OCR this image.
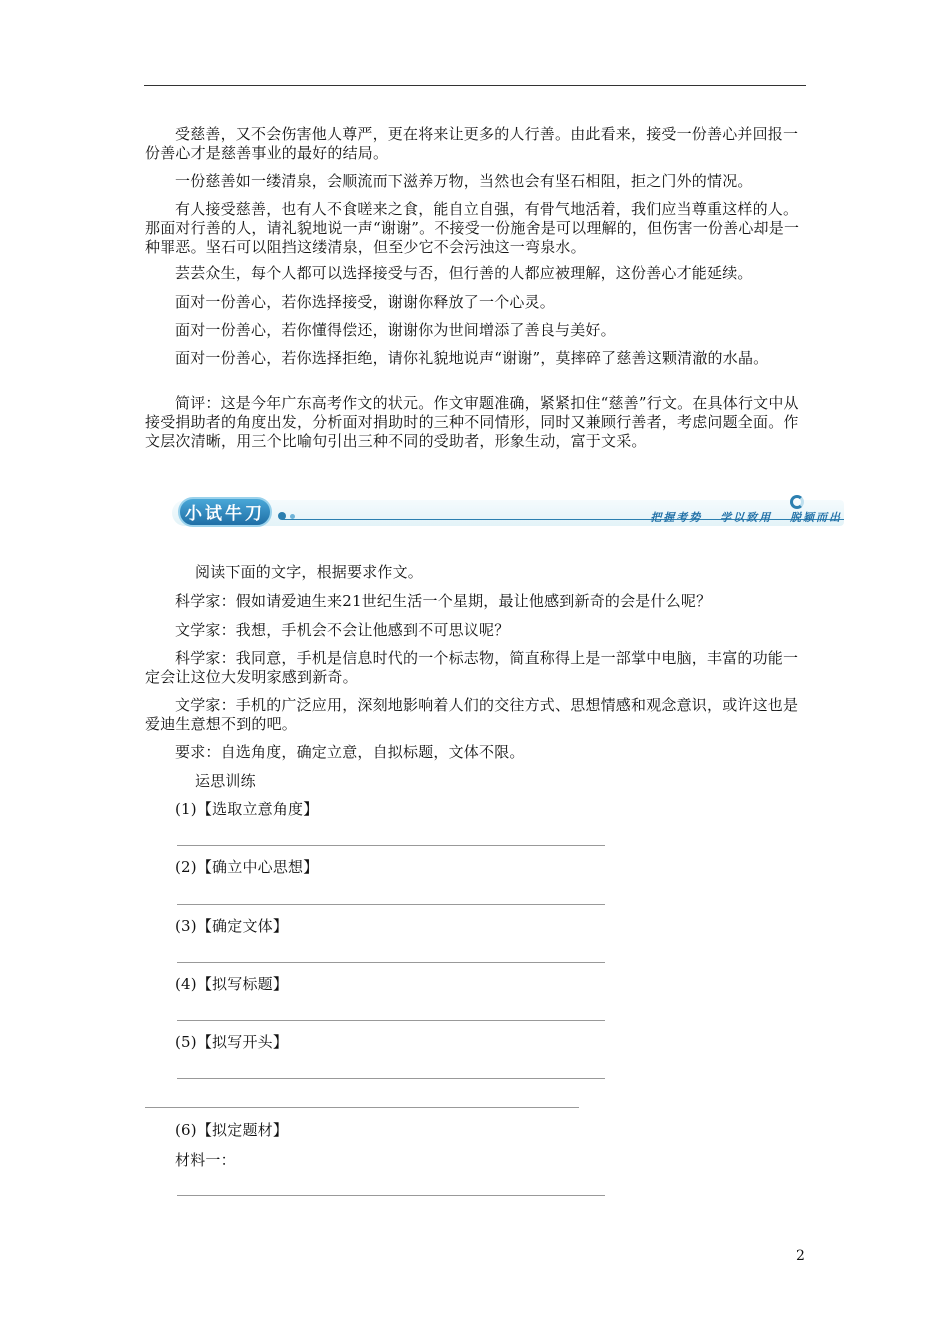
受慈善，又不会伤害他人尊严，更在将来让更多的人行善。由此看来，接受一份善心并回报一份善心才是慈善事业的最好的结局。

一份慈善如一缕清泉，会顺流而下滋养万物，当然也会有坚石相阻，拒之门外的情况。

有人接受慈善，也有人不食嗟来之食，能自立自强，有骨气地活着，我们应当尊重这样的人。那面对行善的人，请礼貌地说一声“谢谢”。不接受一份施舍是可以理解的，但伤害一份善心却是一种罪恶。坚石可以阻挡这缕清泉，但至少它不会污浊这一弯泉水。

芸芸众生，每个人都可以选择接受与否，但行善的人都应被理解，这份善心才能延续。

面对一份善心，若你选择接受，谢谢你释放了一个心灵。

面对一份善心，若你懂得偿还，谢谢你为世间增添了善良与美好。

面对一份善心，若你选择拒绝，请你礼貌地说声“谢谢”，莫摔碎了慈善这颗清澈的水晶。

简评：这是今年广东高考作文的状元。作文审题准确，紧紧扣住“慈善”行文。在具体行文中从接受捐助者的角度出发，分析面对捐助时的三种不同情形，同时又兼顾行善者，考虑问题全面。作文层次清晰，用三个比喻句引出三种不同的受助者，形象生动，富于文采。

小试牛刀	把握考势 学以致用 脱颖而出

阅读下面的文字，根据要求作文。

科学家：假如请爱迪生来21世纪生活一个星期，最让他感到新奇的会是什么呢？

文学家：我想，手机会不会让他感到不可思议呢？

科学家：我同意，手机是信息时代的一个标志物，简直称得上是一部掌中电脑，丰富的功能一定会让这位大发明家感到新奇。

文学家：手机的广泛应用，深刻地影响着人们的交往方式、思想情感和观念意识，或许这也是爱迪生意想不到的吧。

要求：自选角度，确定立意，自拟标题，文体不限。

运思训练

(1)【选取立意角度】

(2)【确立中心思想】

(3)【确定文体】

(4)【拟写标题】

(5)【拟写开头】

(6)【拟定题材】

材料一：

2
